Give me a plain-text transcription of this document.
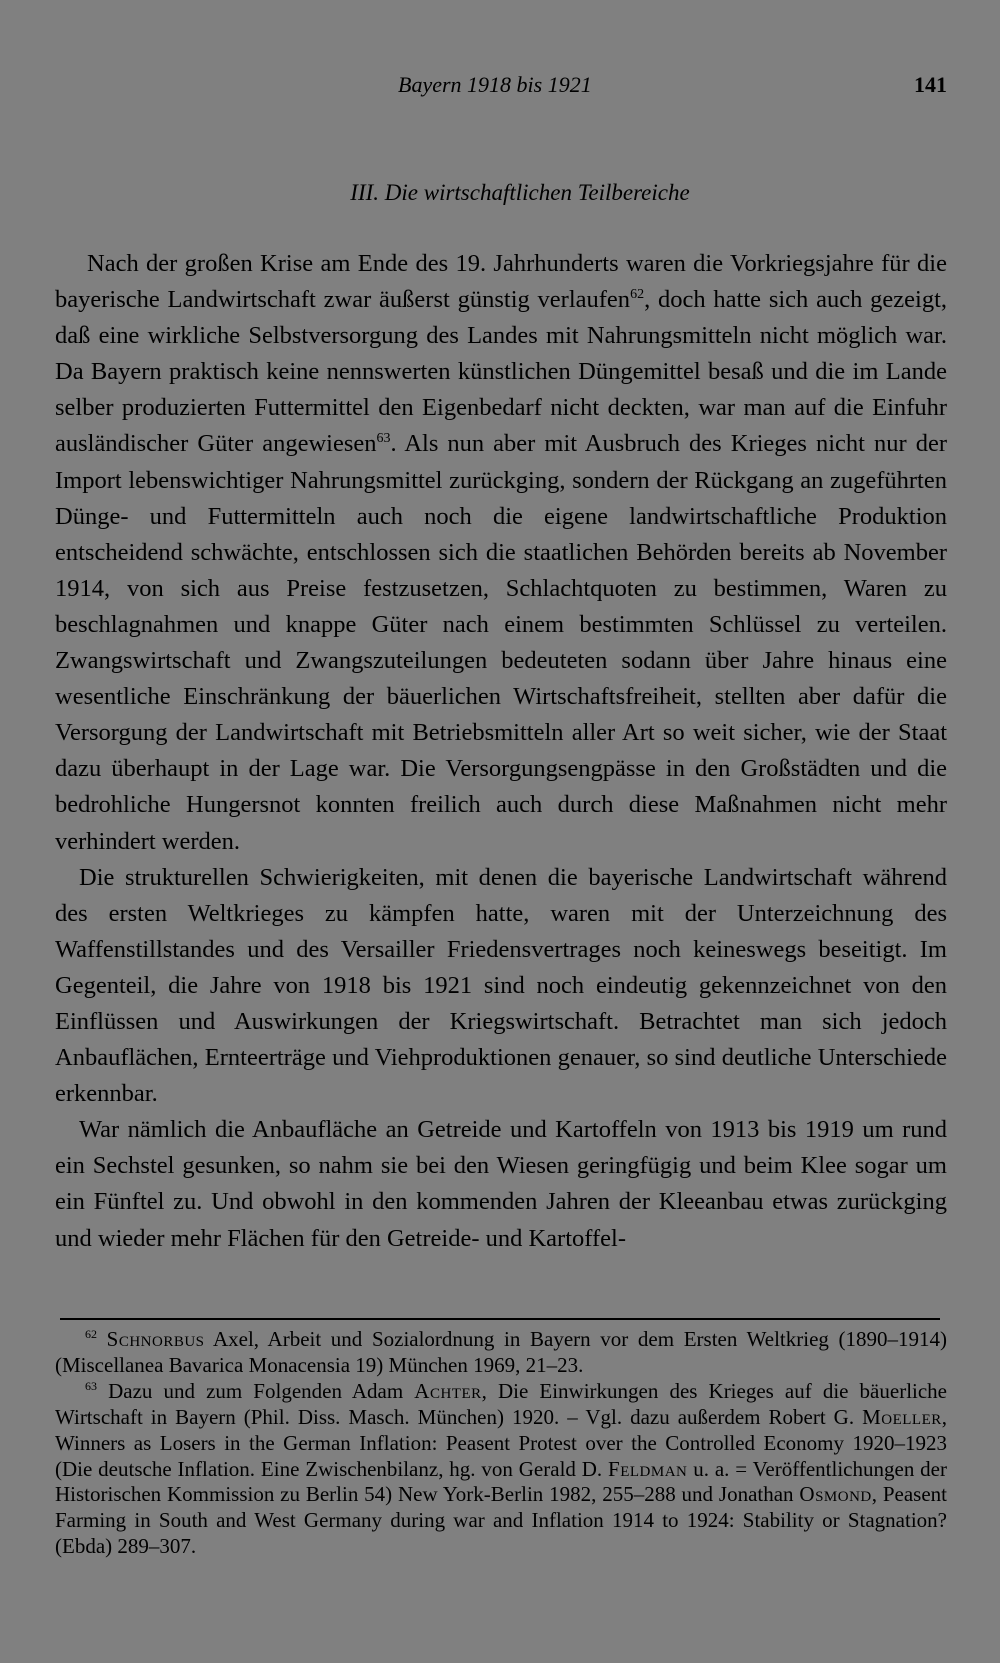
Bayern 1918 bis 1921	141
III. Die wirtschaftlichen Teilbereiche

Nach der großen Krise am Ende des 19. Jahrhunderts waren die Vorkriegsjahre für die bayerische Landwirtschaft zwar äußerst günstig verlaufen$^{62}$, doch hatte sich auch gezeigt, daß eine wirkliche Selbstversorgung des Landes mit Nahrungsmitteln nicht möglich war. Da Bayern praktisch keine nennswerten künstlichen Düngemittel besaß und die im Lande selber produzierten Futtermittel den Eigenbedarf nicht deckten, war man auf die Einfuhr ausländischer Güter angewiesen$^{63}$. Als nun aber mit Ausbruch des Krieges nicht nur der Import lebenswichtiger Nahrungsmittel zurückging, sondern der Rückgang an zugeführten Dünge- und Futtermitteln auch noch die eigene landwirtschaftliche Produktion entscheidend schwächte, entschlossen sich die staatlichen Behörden bereits ab November 1914, von sich aus Preise festzusetzen, Schlachtquoten zu bestimmen, Waren zu beschlagnahmen und knappe Güter nach einem bestimmten Schlüssel zu verteilen. Zwangswirtschaft und Zwangszuteilungen bedeuteten sodann über Jahre hinaus eine wesentliche Einschränkung der bäuerlichen Wirtschaftsfreiheit, stellten aber dafür die Versorgung der Landwirtschaft mit Betriebsmitteln aller Art so weit sicher, wie der Staat dazu überhaupt in der Lage war. Die Versorgungsengpässe in den Großstädten und die bedrohliche Hungersnot konnten freilich auch durch diese Maßnahmen nicht mehr verhindert werden.

Die strukturellen Schwierigkeiten, mit denen die bayerische Landwirtschaft während des ersten Weltkrieges zu kämpfen hatte, waren mit der Unterzeichnung des Waffenstillstandes und des Versailler Friedensvertrages noch keineswegs beseitigt. Im Gegenteil, die Jahre von 1918 bis 1921 sind noch eindeutig gekennzeichnet von den Einflüssen und Auswirkungen der Kriegswirtschaft. Betrachtet man sich jedoch Anbauflächen, Ernteerträge und Viehproduktionen genauer, so sind deutliche Unterschiede erkennbar.

War nämlich die Anbaufläche an Getreide und Kartoffeln von 1913 bis 1919 um rund ein Sechstel gesunken, so nahm sie bei den Wiesen geringfügig und beim Klee sogar um ein Fünftel zu. Und obwohl in den kommenden Jahren der Kleeanbau etwas zurückging und wieder mehr Flächen für den Getreide- und Kartoffel-

$^{62}$ Schnorbus Axel, Arbeit und Sozialordnung in Bayern vor dem Ersten Weltkrieg (1890–1914) (Miscellanea Bavarica Monacensia 19) München 1969, 21–23.

$^{63}$ Dazu und zum Folgenden Adam Achter, Die Einwirkungen des Krieges auf die bäuerliche Wirtschaft in Bayern (Phil. Diss. Masch. München) 1920. – Vgl. dazu außerdem Robert G. Moeller, Winners as Losers in the German Inflation: Peasent Protest over the Controlled Economy 1920–1923 (Die deutsche Inflation. Eine Zwischenbilanz, hg. von Gerald D. Feldman u. a. = Veröffentlichungen der Historischen Kommission zu Berlin 54) New York-Berlin 1982, 255–288 und Jonathan Osmond, Peasent Farming in South and West Germany during war and Inflation 1914 to 1924: Stability or Stagnation? (Ebda) 289–307.
